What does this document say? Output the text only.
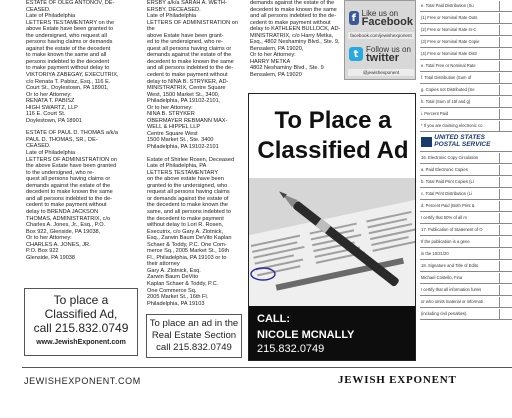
ESTATE OF OLEG ANTONOV, DE-
CEASED.
Late of Philadelphia
LETTERS TESTAMENTARY on the
above Estate have been granted to
the undersigned, who request all
persons having claims or demands
against the estate of the decedent
to make known the same and all
persons indebted to the decedent
to make payment without delay to
VIKTORIYA ZABEGAY, EXECUTRIX,
c/o Renata T. Pabisz, Esq., 116 E.
Court St., Doylestown, PA 18901,
Or to her Attorney:
RENATA T. PABISZ
HIGH SWARTZ, LLP
116 E. Court St.
Doylestown, PA 18901
ESTATE OF PAUL D. THOMAS a/k/a
PAUL D. THOMAS, SR., DE-
CEASED.
Late of Philadelphia
LETTERS OF ADMINISTRATION on
the above Estate have been granted
to the undersigned, who re-
quest all persons having claims or
demands against the estate of the
decedent to make known the same
and all persons indebted to the de-
cedent to make payment without
delay to BRENDA JACKSON
THOMAS, ADMINISTRATRIX, c/o
Charles A. Jones, Jr., Esq., P.O.
Box 922, Glenside, PA 19038,
Or to her Attorney:
CHARLES A. JONES, JR.
P.O. Box 922
Glenside, PA 19038
ERSBY a/k/a SARAH A. WETH-
ERSBY, DECEASED.
Late of Philadelphia
LETTERS OF ADMINISTRATION on the
above Estate have been grant-
ed to the undersigned, who re-
quest all persons having claims or
demands against the estate of the
decedent to make known the same
and all persons indebted to the de-
cedent to make payment without
delay to NINA B. STRYKER, AD-
MINISTRATRIX, Centre Square
West, 1500 Market St., 3400,
Philadelphia, PA 19102-2101,
Or to her Attorney:
NINA B. STRYKER
OBERMAYER REBMANN MAX-
WELL & HIPPEL LLP
Centre Square West
1500 Market St., Ste. 3400
Philadelphia, PA 19102-2101
Estate of Shirlee Rosen, Deceased
Late of Philadelphia, PA
LETTERS TESTAMENTARY
on the above estate have been
granted to the undersigned, who
request all persons having claims
or demands against the estate of
the decedent to make known the
same, and all persons indebted to
the decedent to make payment
without delay to Lori R. Rosen,
Executrix, c/o Gary A. Zlotnick,
Esq., Zarwin Baum DeVito Kaplan
Schaer & Toddy, P.C. One Com-
merce Sq., 2005 Market St., 16th
Fl., Philadelphia, PA 19103 or to
their attorney
Gary A. Zlotnick, Esq.
Zarwin Baum DeVito
Kaplan Schaer & Toddy, P.C.
One Commerce Sq.
2005 Market St., 16th Fl.
Philadelphia, PA 19103
demands against the estate of the
decedent to make known the same
and all persons indebted to the de-
cedent to make payment without
delay to KATHLEEN BULLOCK, AD-
MINISTRATRIX, c/o Harry Metka,
Esq., 4802 Neshaminy Blvd., Ste. 9,
Bensalem, PA 19020,
Or to her Attorney:
HARRY METKA
4802 Neshaminy Blvd., Ste. 9
Bensalem, PA 19020
f Like us on
Facebook
facebook.com/jewishexponent
t Follow us on
twitter
@jewishexponent
e. Total Paid Distribution (Su
(1) Free or Nominal Rate Outs
(2) Free or Nominal Rate In-C
(3) Free or Nominal Rate Copie
(4) Free or Nominal Rate Distr
e. Total Free or Nominal Rate
f. Total Distribution (Sum of
g. Copies not Distributed (Se
h. Total (Sum of 15f and g)
i. Percent Paid
* If you are claiming electronic co
UNITED STATES POSTAL SERVICE
16. Electronic Copy Circulation
a. Paid Electronic Copies
b. Total Paid Print Copies (Li
c. Total Print Distribution (Li
d. Percent Paid (Both Print &
I certify that 50% of all m
17. Publication of Statement of O
If the publication is a gene
in the 10/21/20
18. Signature and Title of Edito
Michael Costello, Fina
I certify that all information furnis
or who omits material or informati
(including civil penalties).
To place a
Classified Ad,
call 215.832.0749
www.JewishExponent.com
To place an ad in the
Real Estate Section
call 215.832.0749
To Place a
Classified Ad
CALL:
NICOLE MCNALLY 215.832.0749
JEWISHEXPONENT.COM	JEWISH EXPONENT
